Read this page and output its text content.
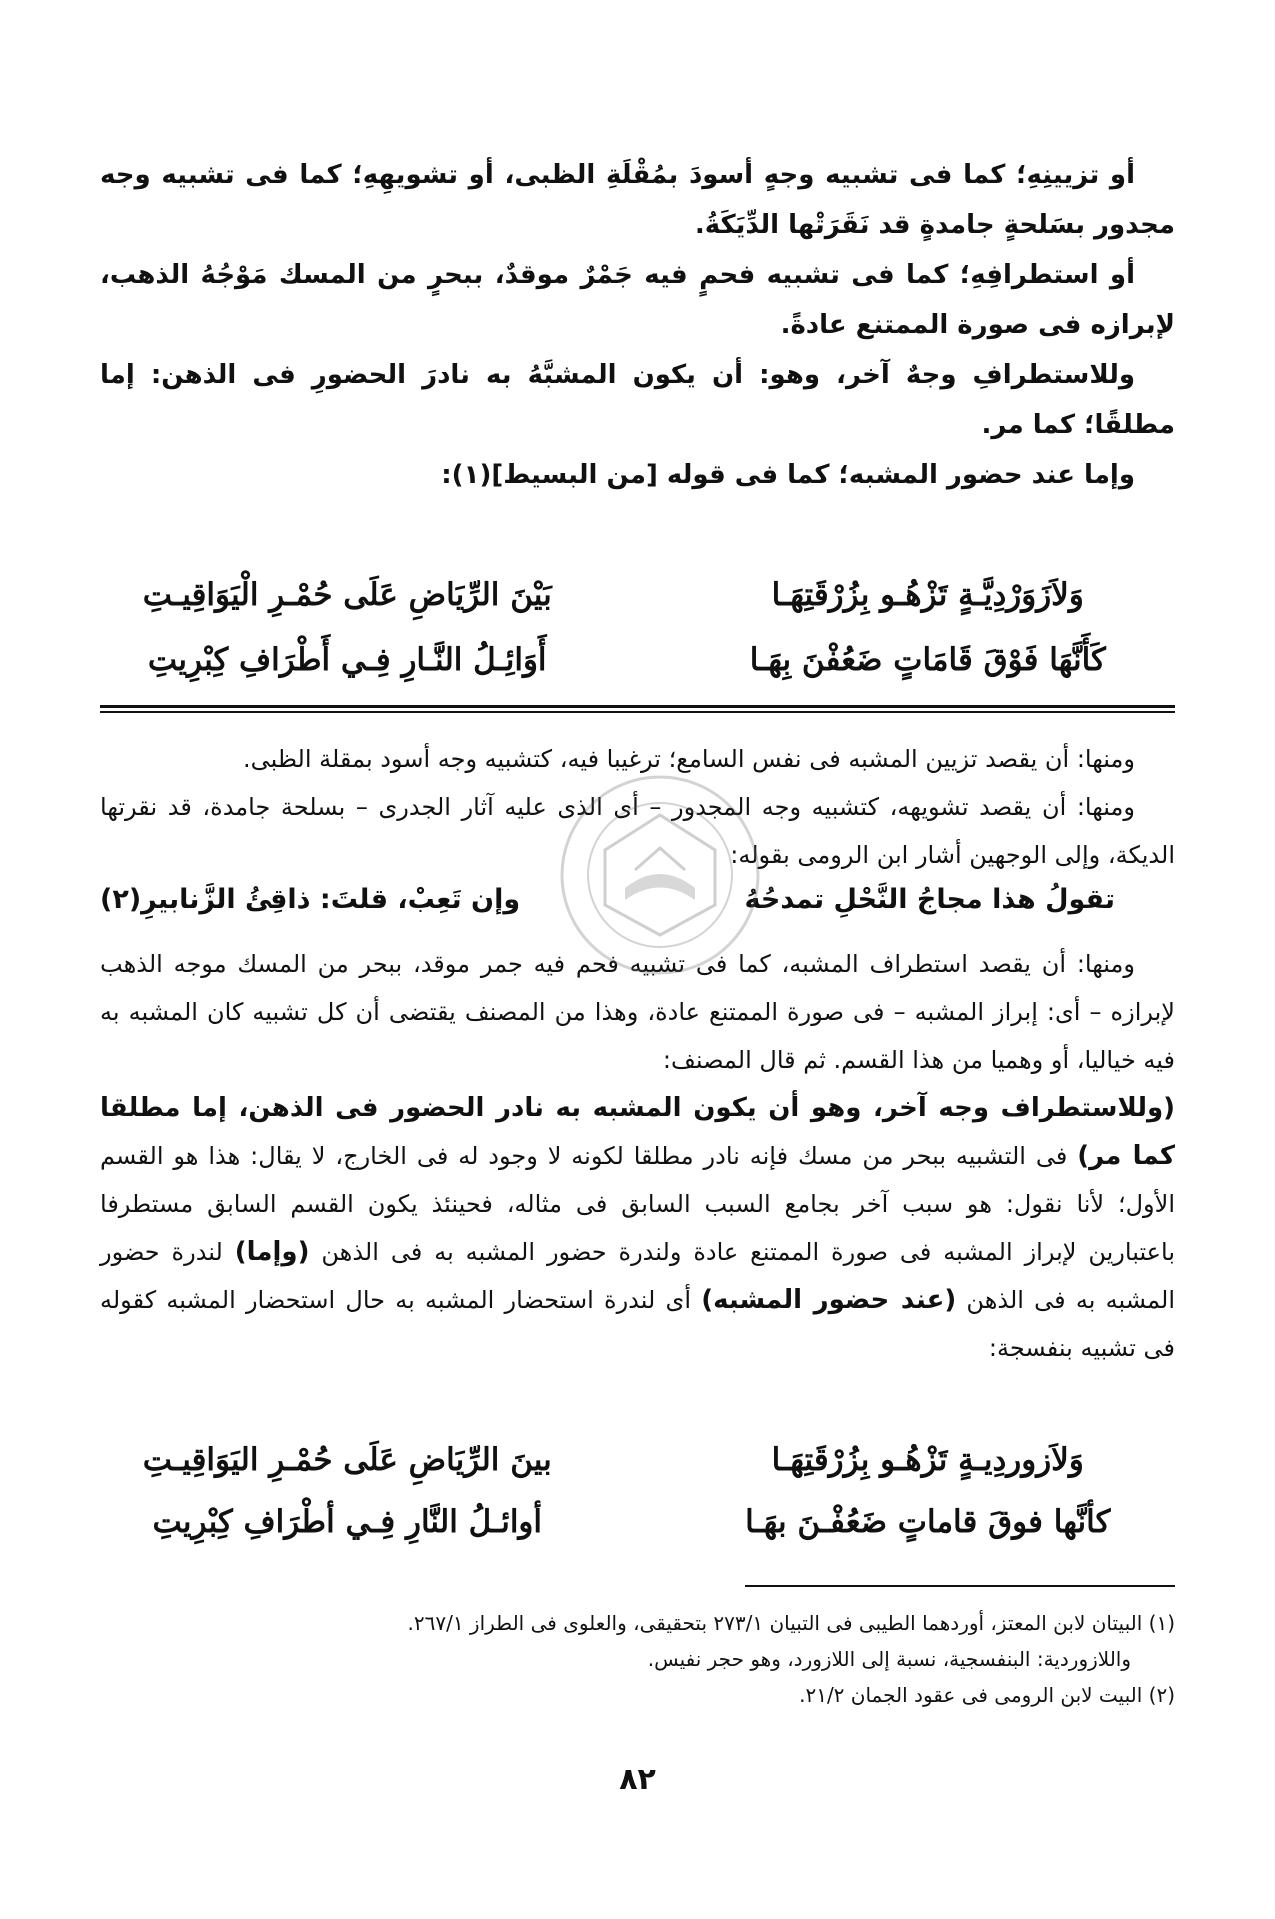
أو تزيينِهِ؛ كما فى تشبيه وجهٍ أسودَ بمُقْلَةِ الظبى، أو تشويهِهِ؛ كما فى تشبيه وجه مجدور بسَلحةٍ جامدةٍ قد نَقَرَتْها الدِّيَكَةُ.

أو استطرافِهِ؛ كما فى تشبيه فحمٍ فيه جَمْرٌ موقدٌ، ببحرٍ من المسك مَوْجُهُ الذهب، لإبرازه فى صورة الممتنع عادةً.

وللاستطرافِ وجهٌ آخر، وهو: أن يكون المشبَّهُ به نادرَ الحضورِ فى الذهن: إما مطلقًا؛ كما مر.

وإما عند حضور المشبه؛ كما فى قوله [من البسيط](١):

وَلاَزَوَرْدِيَّـةٍ تَزْهُـو بِزُرْقَتِهَـا
بَيْنَ الرِّيَاضِ عَلَى حُمْـرِ الْيَوَاقِيـتِ
كَأَنَّهَا فَوْقَ قَامَاتٍ ضَعُفْنَ بِهَـا
أَوَائِـلُ النَّـارِ فِـي أَطْرَافِ كِبْرِيتِ

ومنها: أن يقصد تزيين المشبه فى نفس السامع؛ ترغيبا فيه، كتشبيه وجه أسود بمقلة الظبى.

ومنها: أن يقصد تشويهه، كتشبيه وجه المجدور – أى الذى عليه آثار الجدرى – بسلحة جامدة، قد نقرتها الديكة، وإلى الوجهين أشار ابن الرومى بقوله:

تقولُ هذا مجاجُ النَّحْلِ تمدحُهُ
وإن تَعِبْ، قلتَ: ذاقِئُ الزَّنابيرِ(٢)

ومنها: أن يقصد استطراف المشبه، كما فى تشبيه فحم فيه جمر موقد، ببحر من المسك موجه الذهب لإبرازه – أى: إبراز المشبه – فى صورة الممتنع عادة، وهذا من المصنف يقتضى أن كل تشبيه كان المشبه به فيه خياليا، أو وهميا من هذا القسم. ثم قال المصنف:

(وللاستطراف وجه آخر، وهو أن يكون المشبه به نادر الحضور فى الذهن، إما مطلقا كما مر) فى التشبيه ببحر من مسك فإنه نادر مطلقا لكونه لا وجود له فى الخارج، لا يقال: هذا هو القسم الأول؛ لأنا نقول: هو سبب آخر بجامع السبب السابق فى مثاله، فحينئذ يكون القسم السابق مستطرفا باعتبارين لإبراز المشبه فى صورة الممتنع عادة ولندرة حضور المشبه به فى الذهن (وإما) لندرة حضور المشبه به فى الذهن (عند حضور المشبه) أى لندرة استحضار المشبه به حال استحضار المشبه كقوله فى تشبيه بنفسجة:

وَلاَزوردِيـةٍ تَزْهُـو بِزُرْقَتِهَـا
بينَ الرِّيَاضِ عَلَى حُمْـرِ اليَوَاقِيـتِ
كأنَّها فوقَ قاماتٍ ضَعُفْـنَ بهَـا
أوائـلُ النَّارِ فِـي أطْرَافِ كِبْرِيتِ

(١) البيتان لابن المعتز، أوردهما الطيبى فى التبيان ٢٧٣/١ بتحقيقى، والعلوى فى الطراز ٢٦٧/١.

واللازوردية: البنفسجية، نسبة إلى اللازورد، وهو حجر نفيس.

(٢) البيت لابن الرومى فى عقود الجمان ٢١/٢.

٨٢
